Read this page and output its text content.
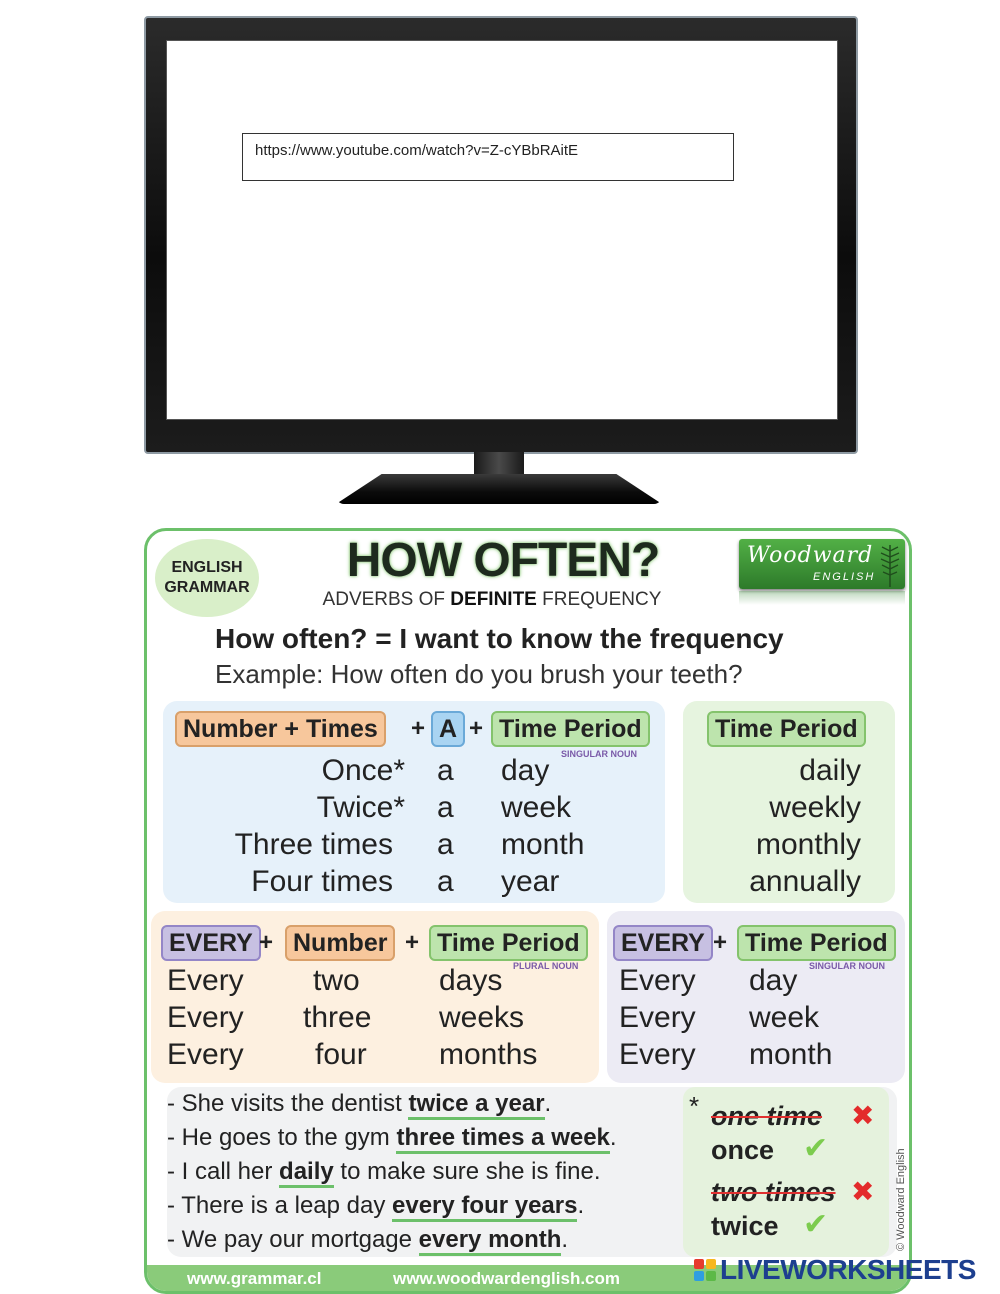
https://www.youtube.com/watch?v=Z-cYBbRAitE
ENGLISH
GRAMMAR
HOW OFTEN?
ADVERBS OF DEFINITE FREQUENCY
Woodward
ENGLISH
How often? = I want to know the frequency
Example: How often do you brush your teeth?
Number + Times	+ A + Time Period
SINGULAR NOUN
Once* a day
Twice* a week
Three times a month
Four times a year
Time Period
daily
weekly
monthly
annually
EVERY + Number + Time Period
PLURAL NOUN
Every two	days
Every three weeks
Every four months
EVERY + Time Period
SINGULAR NOUN
Every day
Every week
Every month
- She visits the dentist twice a year.
- He goes to the gym three times a week.
- I call her daily to make sure she is fine.
- There is a leap day every four years.
- We pay our mortgage every month.
* one time ✖
once ✔
two times ✖
twice ✔	© Woodward English
www.grammar.cl	www.woodwardenglish.com	LIVEWORKSHEETS
